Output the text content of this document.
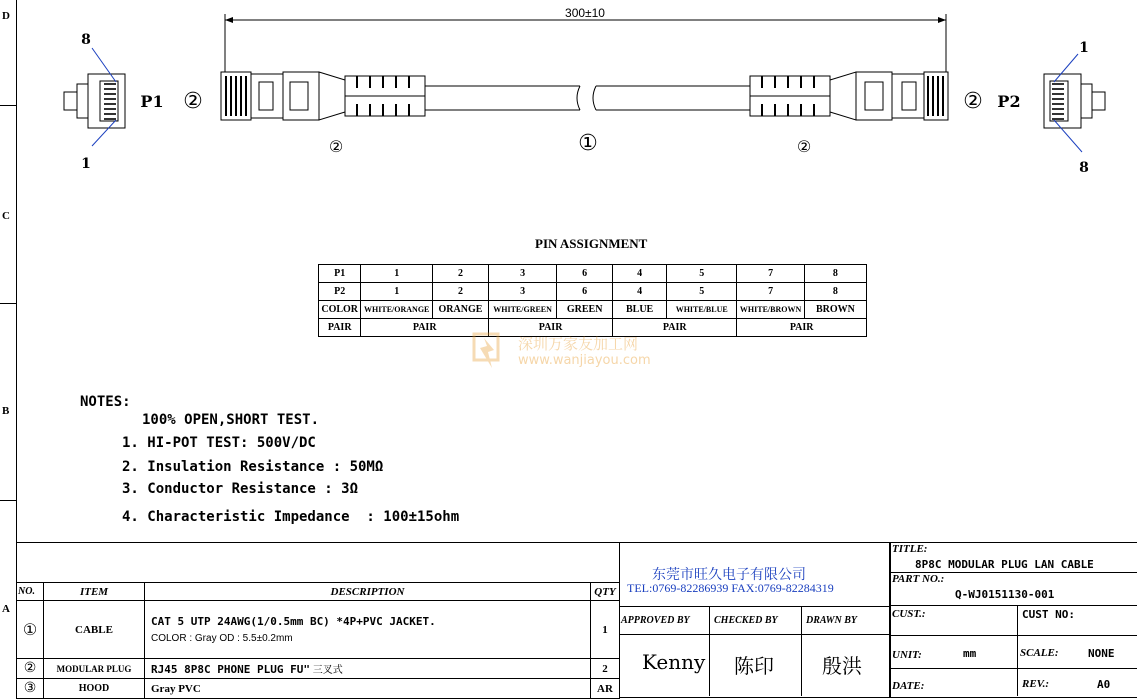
D
C
B
A
300±10
8
1
P1 ②	② P2
1
8
②	①	②
PIN ASSIGNMENT
P1	1	2	3	6	4	5	7	8
P2	1	2	3	6	4	5	7	8
COLOR	WHITE/ORANGE	ORANGE	WHITE/GREEN	GREEN	BLUE	WHITE/BLUE	WHITE/BROWN	BROWN
PAIR	PAIR		PAIR		PAIR		PAIR	
深圳万家友加工网
www.wanjiayou.com
NOTES:
100% OPEN,SHORT TEST.
1. HI-POT TEST: 500V/DC
2. Insulation Resistance : 50MΩ
3. Conductor Resistance : 3Ω
4. Characteristic Impedance  : 100±15ohm
NO.	ITEM	DESCRIPTION	QTY
①	CABLE	CAT 5 UTP 24AWG(1/0.5mm BC) *4P+PVC JACKET.
COLOR : Gray OD : 5.5±0.2mm	1
②	MODULAR PLUG	RJ45 8P8C PHONE PLUG FU" 三叉式	2
③	HOOD	Gray PVC	AR
东莞市旺久电子有限公司
TEL:0769-82286939 FAX:0769-82284319
APPROVED BY CHECKED BY	DRAWN BY
Kenny 陈印 殷洪
TITLE:
8P8C MODULAR PLUG LAN CABLE
PART NO.:
Q-WJ0151130-001
CUST.:	CUST NO:
UNIT:	mm	SCALE:	NONE
DATE:	REV.:	A0
